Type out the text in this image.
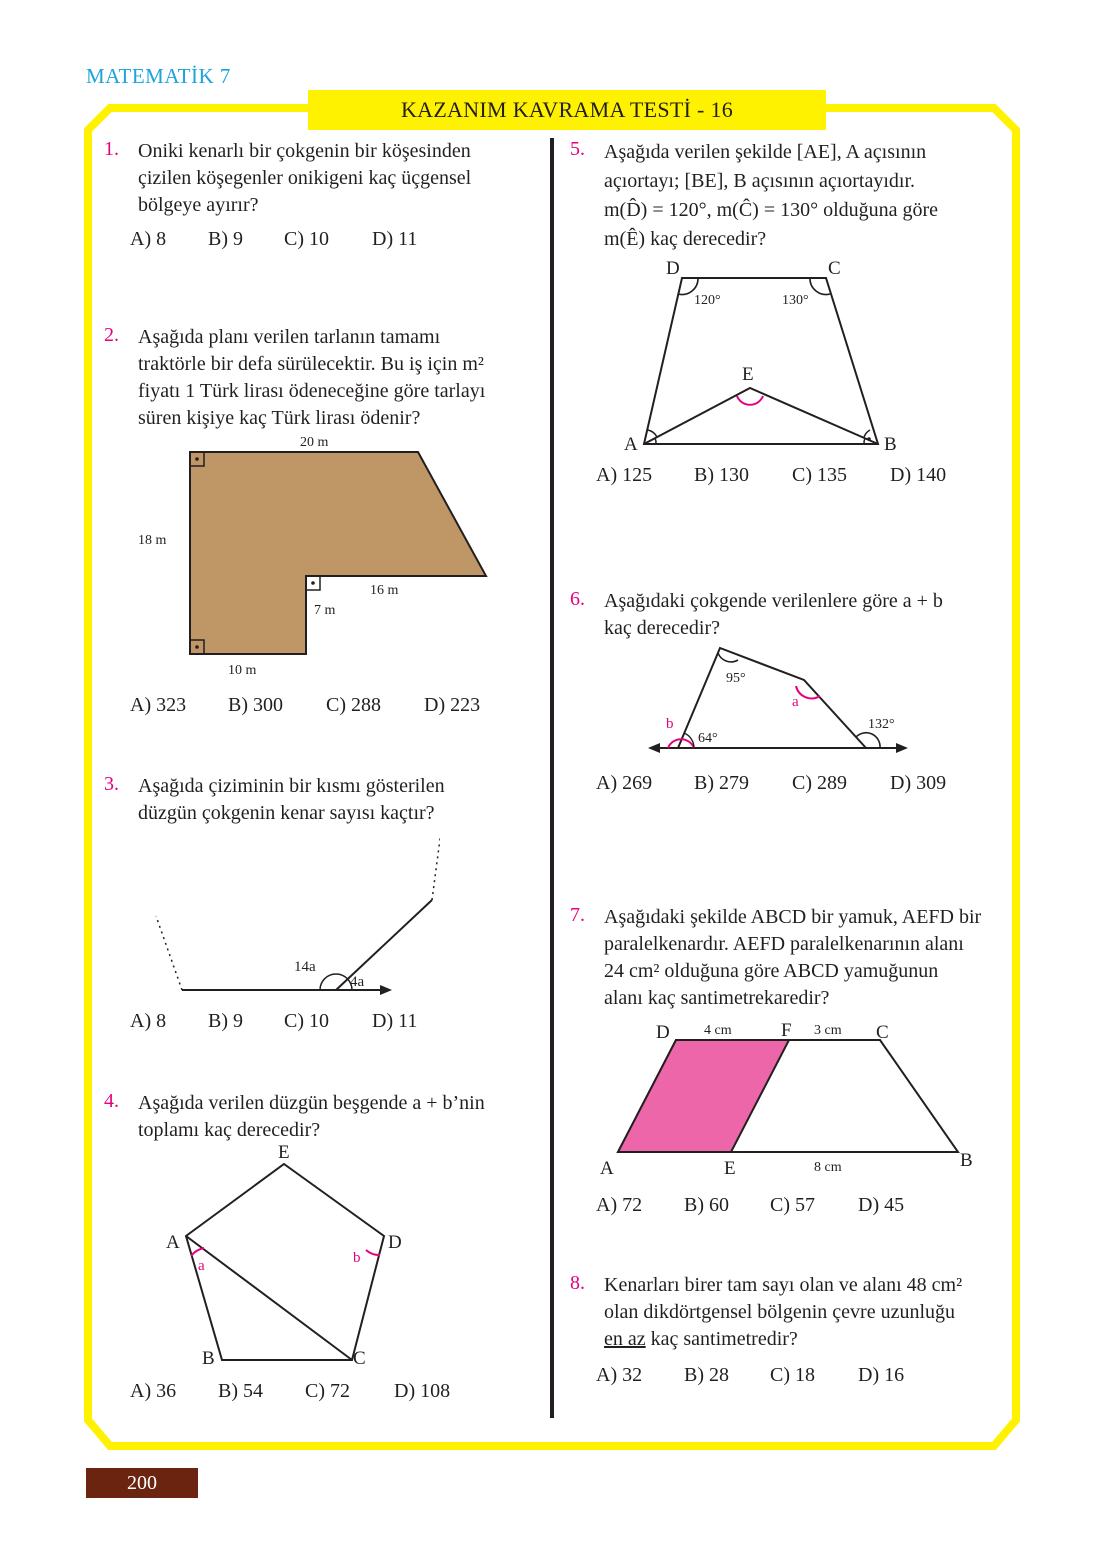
MATEMATİK 7
KAZANIM KAVRAMA TESTİ - 16
1. Oniki kenarlı bir çokgenin bir köşesinden
çizilen köşegenler onikigeni kaç üçgensel
bölgeye ayırır?
A) 8 B) 9 C) 10 D) 11
2. Aşağıda planı verilen tarlanın tamamı
traktörle bir defa sürülecektir. Bu iş için m²
fiyatı 1 Türk lirası ödeneceğine göre tarlayı
süren kişiye kaç Türk lirası ödenir?
20 m
18 m
16 m
7 m
10 m
A) 323 B) 300 C) 288 D) 223
3. Aşağıda çiziminin bir kısmı gösterilen
düzgün çokgenin kenar sayısı kaçtır?
14a
4a
A) 8 B) 9 C) 10 D) 11
4. Aşağıda verilen düzgün beşgende a + b’nin
toplamı kaç derecedir?
E
A	D
B	C
a	b
A) 36 B) 54 C) 72 D) 108
5. Aşağıda verilen şekilde [AE], A açısının
açıortayı; [BE], B açısının açıortayıdır.
m(D̂) = 120°, m(Ĉ) = 130° olduğuna göre
m(Ê) kaç derecedir?
D	C
E
A	B
120°	130°
A) 125 B) 130 C) 135 D) 140
6. Aşağıdaki çokgende verilenlere göre a + b
kaç derecedir?
95°
a
b
64°
132°
A) 269 B) 279 C) 289 D) 309
7. Aşağıdaki şekilde ABCD bir yamuk, AEFD bir
paralelkenardır. AEFD paralelkenarının alanı
24 cm² olduğuna göre ABCD yamuğunun
alanı kaç santimetrekaredir?
D	F	C
A	E	B
4 cm	3 cm
8 cm
A) 72 B) 60 C) 57 D) 45
8. Kenarları birer tam sayı olan ve alanı 48 cm²
olan dikdörtgensel bölgenin çevre uzunluğu
en az kaç santimetredir?
A) 32 B) 28 C) 18 D) 16
200
